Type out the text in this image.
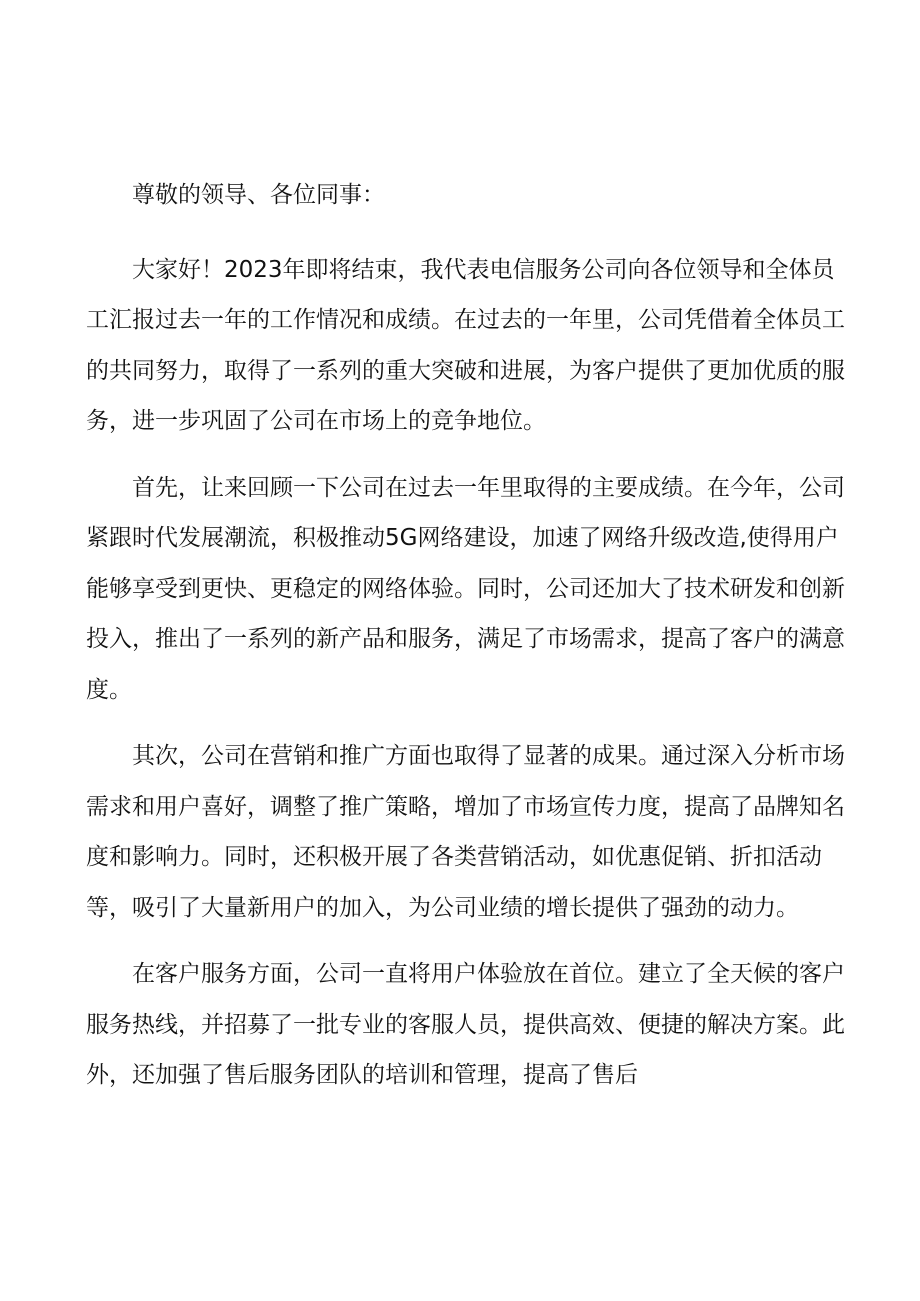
尊敬的领导、各位同事：

大家好！2023年即将结束，我代表电信服务公司向各位领导和全体员工汇报过去一年的工作情况和成绩。在过去的一年里，公司凭借着全体员工的共同努力，取得了一系列的重大突破和进展，为客户提供了更加优质的服务，进一步巩固了公司在市场上的竞争地位。

首先，让来回顾一下公司在过去一年里取得的主要成绩。在今年，公司紧跟时代发展潮流，积极推动5G网络建设，加速了网络升级改造,使得用户能够享受到更快、更稳定的网络体验。同时，公司还加大了技术研发和创新投入，推出了一系列的新产品和服务，满足了市场需求，提高了客户的满意度。

其次，公司在营销和推广方面也取得了显著的成果。通过深入分析市场需求和用户喜好，调整了推广策略，增加了市场宣传力度，提高了品牌知名度和影响力。同时，还积极开展了各类营销活动，如优惠促销、折扣活动等，吸引了大量新用户的加入，为公司业绩的增长提供了强劲的动力。

在客户服务方面，公司一直将用户体验放在首位。建立了全天候的客户服务热线，并招募了一批专业的客服人员，提供高效、便捷的解决方案。此外，还加强了售后服务团队的培训和管理，提高了售后
